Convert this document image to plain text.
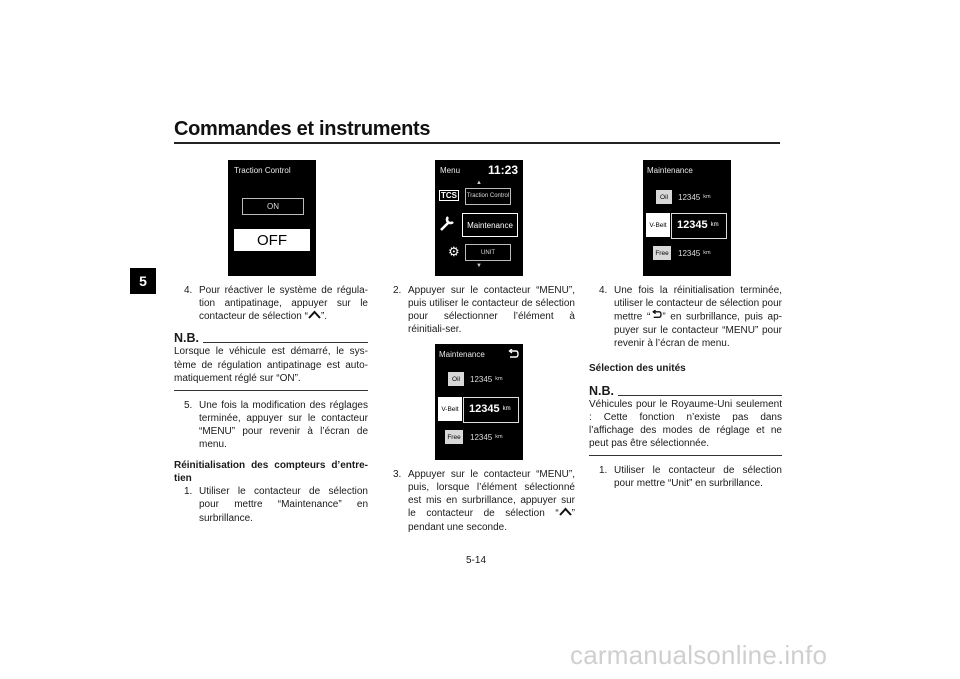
Commandes et instruments
5
Traction Control
ON
OFF
4. Pour réactiver le système de régula-tion antipatinage, appuyer sur le contacteur de sélection “ ”.
N.B.
Lorsque le véhicule est démarré, le sys-tème de régulation antipatinage est auto-matiquement réglé sur “ON”.
5. Une fois la modification des réglages terminée, appuyer sur le contacteur “MENU” pour revenir à l’écran de menu.
Réinitialisation des compteurs d’entre-tien
1. Utiliser le contacteur de sélection pour mettre “Maintenance” en surbrillance.
Menu 11:23
▲
TCS	Traction Control
Maintenance
⚙	UNIT
▼
Maintenance
Oil	12345 km
V-Belt 12345 km
Free 12345 km
2. Appuyer sur le contacteur “MENU”, puis utiliser le contacteur de sélection pour sélectionner l’élément à réinitiali-ser.
Maintenance
Oil	12345 km
V-Belt 12345 km
Free 12345 km
3. Appuyer sur le contacteur “MENU”, puis, lorsque l’élément sélectionné est mis en surbrillance, appuyer sur le contacteur de sélection “ ” pendant une seconde.
4. Une fois la réinitialisation terminée, utiliser le contacteur de sélection pour mettre “ ” en surbrillance, puis ap-puyer sur le contacteur “MENU” pour revenir à l’écran de menu.
Sélection des unités
N.B.
Véhicules pour le Royaume-Uni seulement : Cette fonction n’existe pas dans l’affichage des modes de réglage et ne peut pas être sélectionnée.
1. Utiliser le contacteur de sélection pour mettre “Unit” en surbrillance.
5-14
carmanualsonline.info
